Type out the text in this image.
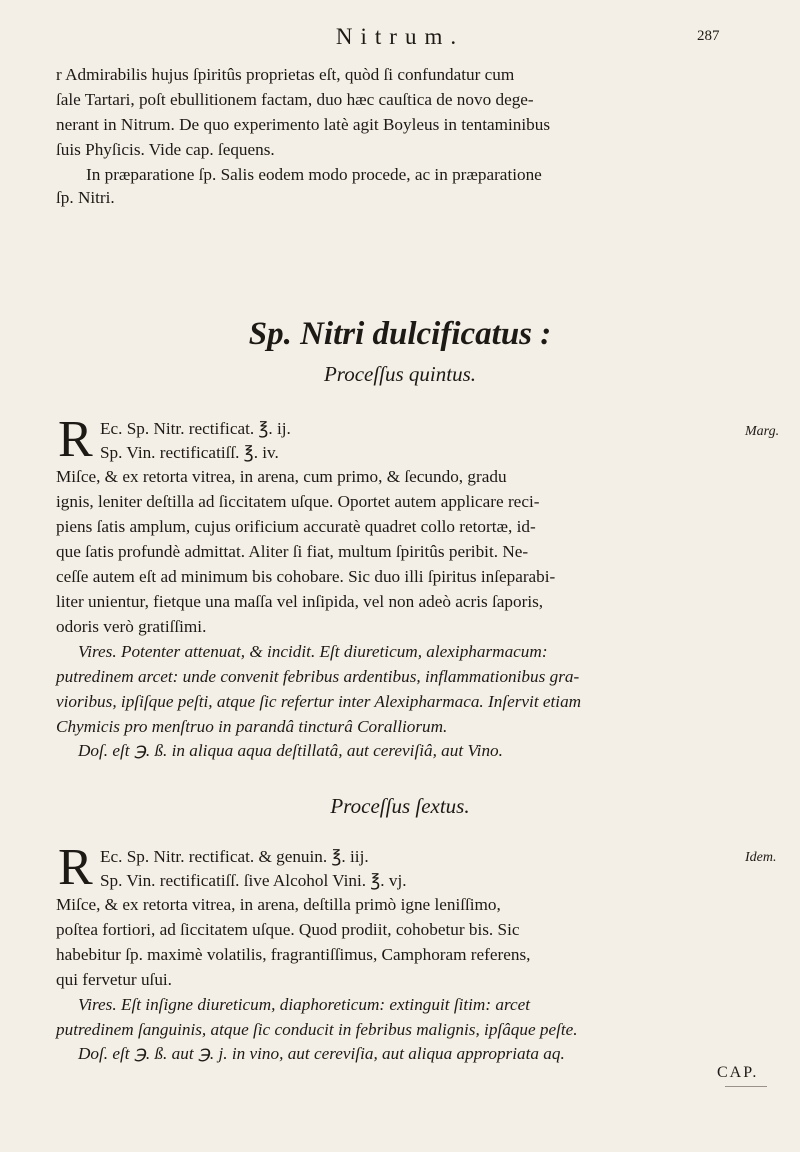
Nitrum.	287
r Admirabilis hujus ſpiritûs proprietas eſt, quòd ſi confundatur cum
ſale Tartari, poſt ebullitionem factam, duo hæc cauſtica de novo dege-
nerant in Nitrum. De quo experimento latè agit Boyleus in tentaminibus
ſuis Phyſicis. Vide cap. ſequens.
In præparatione ſp. Salis eodem modo procede, ac in præparatione
ſp. Nitri.
Sp. Nitri dulcificatus :
Proceſſus quintus.
R	Marg.
Ec. Sp. Nitr. rectificat. ℥. ij.
Sp. Vin. rectificatiſſ. ℥. iv.
Miſce, & ex retorta vitrea, in arena, cum primo, & ſecundo, gradu
ignis, leniter deſtilla ad ſiccitatem uſque. Oportet autem applicare reci-
piens ſatis amplum, cujus orificium accuratè quadret collo retortæ, id-
que ſatis profundè admittat. Aliter ſi fiat, multum ſpiritûs peribit. Ne-
ceſſe autem eſt ad minimum bis cohobare. Sic duo illi ſpiritus inſeparabi-
liter unientur, fietque una maſſa vel inſipida, vel non adeò acris ſaporis,
odoris verò gratiſſimi.
Vires. Potenter attenuat, & incidit. Eſt diureticum, alexipharmacum:
putredinem arcet: unde convenit febribus ardentibus, inflammationibus gra-
vioribus, ipſiſque peſti, atque ſic refertur inter Alexipharmaca. Inſervit etiam
Chymicis pro menſtruo in parandâ tincturâ Coralliorum.
Doſ. eſt ℈. ß. in aliqua aqua deſtillatâ, aut cereviſiâ, aut Vino.
Proceſſus ſextus.
R	Idem.
Ec. Sp. Nitr. rectificat. & genuin. ℥. iij.
Sp. Vin. rectificatiſſ. ſive Alcohol Vini. ℥. vj.
Miſce, & ex retorta vitrea, in arena, deſtilla primò igne leniſſimo,
poſtea fortiori, ad ſiccitatem uſque. Quod prodiit, cohobetur bis. Sic
habebitur ſp. maximè volatilis, fragrantiſſimus, Camphoram referens,
qui fervetur uſui.
Vires. Eſt inſigne diureticum, diaphoreticum: extinguit ſitim: arcet
putredinem ſanguinis, atque ſic conducit in febribus malignis, ipſâque peſte.
Doſ. eſt ℈. ß. aut ℈. j. in vino, aut cereviſia, aut aliqua appropriata aq.
CAP.
